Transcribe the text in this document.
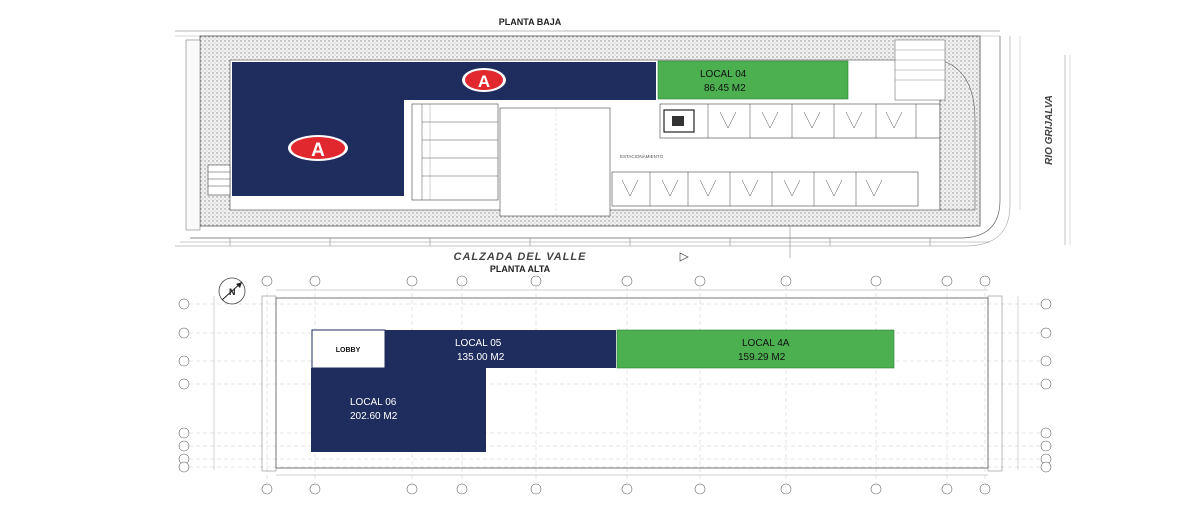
PLANTA BAJA
A
A
LOCAL 04
86.45 M2
ESTACIONAMIENTO
CALZADA DEL VALLE
RIO GRIJALVA
PLANTA ALTA
N
LOBBY
LOCAL 05
135.00 M2
LOCAL 06
202.60 M2
LOCAL 4A
159.29 M2
